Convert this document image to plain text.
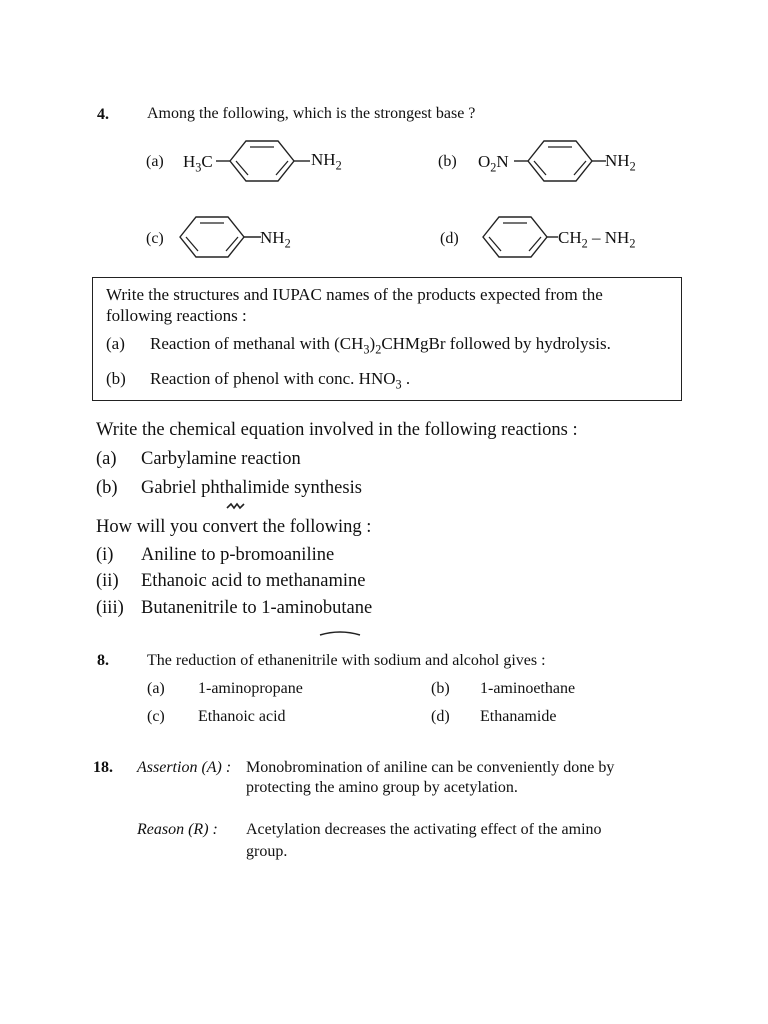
4. Among the following, which is the strongest base ?
(a) $H_3C$	$NH_2$	(b) $O_2N$	$NH_2$
(c)	$NH_2$	(d)	$CH_2 - NH_2$
Write the structures and IUPAC names of the products expected from the
following reactions :
(a) Reaction of methanal with $(CH_3)_2CHMgBr$ followed by hydrolysis.
(b) Reaction of phenol with conc. $HNO_3$ .
Write the chemical equation involved in the following reactions :
(a) Carbylamine reaction
(b) Gabriel phthalimide synthesis
How will you convert the following :
(i) Aniline to p-bromoaniline
(ii) Ethanoic acid to methanamine
(iii) Butanenitrile to 1-aminobutane
8. The reduction of ethanenitrile with sodium and alcohol gives :
(a) 1-aminopropane	(b) 1-aminoethane
(c) Ethanoic acid	(d) Ethanamide
18. Assertion (A) : Monobromination of aniline can be conveniently done by
protecting the amino group by acetylation.
Reason (R) : Acetylation decreases the activating effect of the amino
group.
